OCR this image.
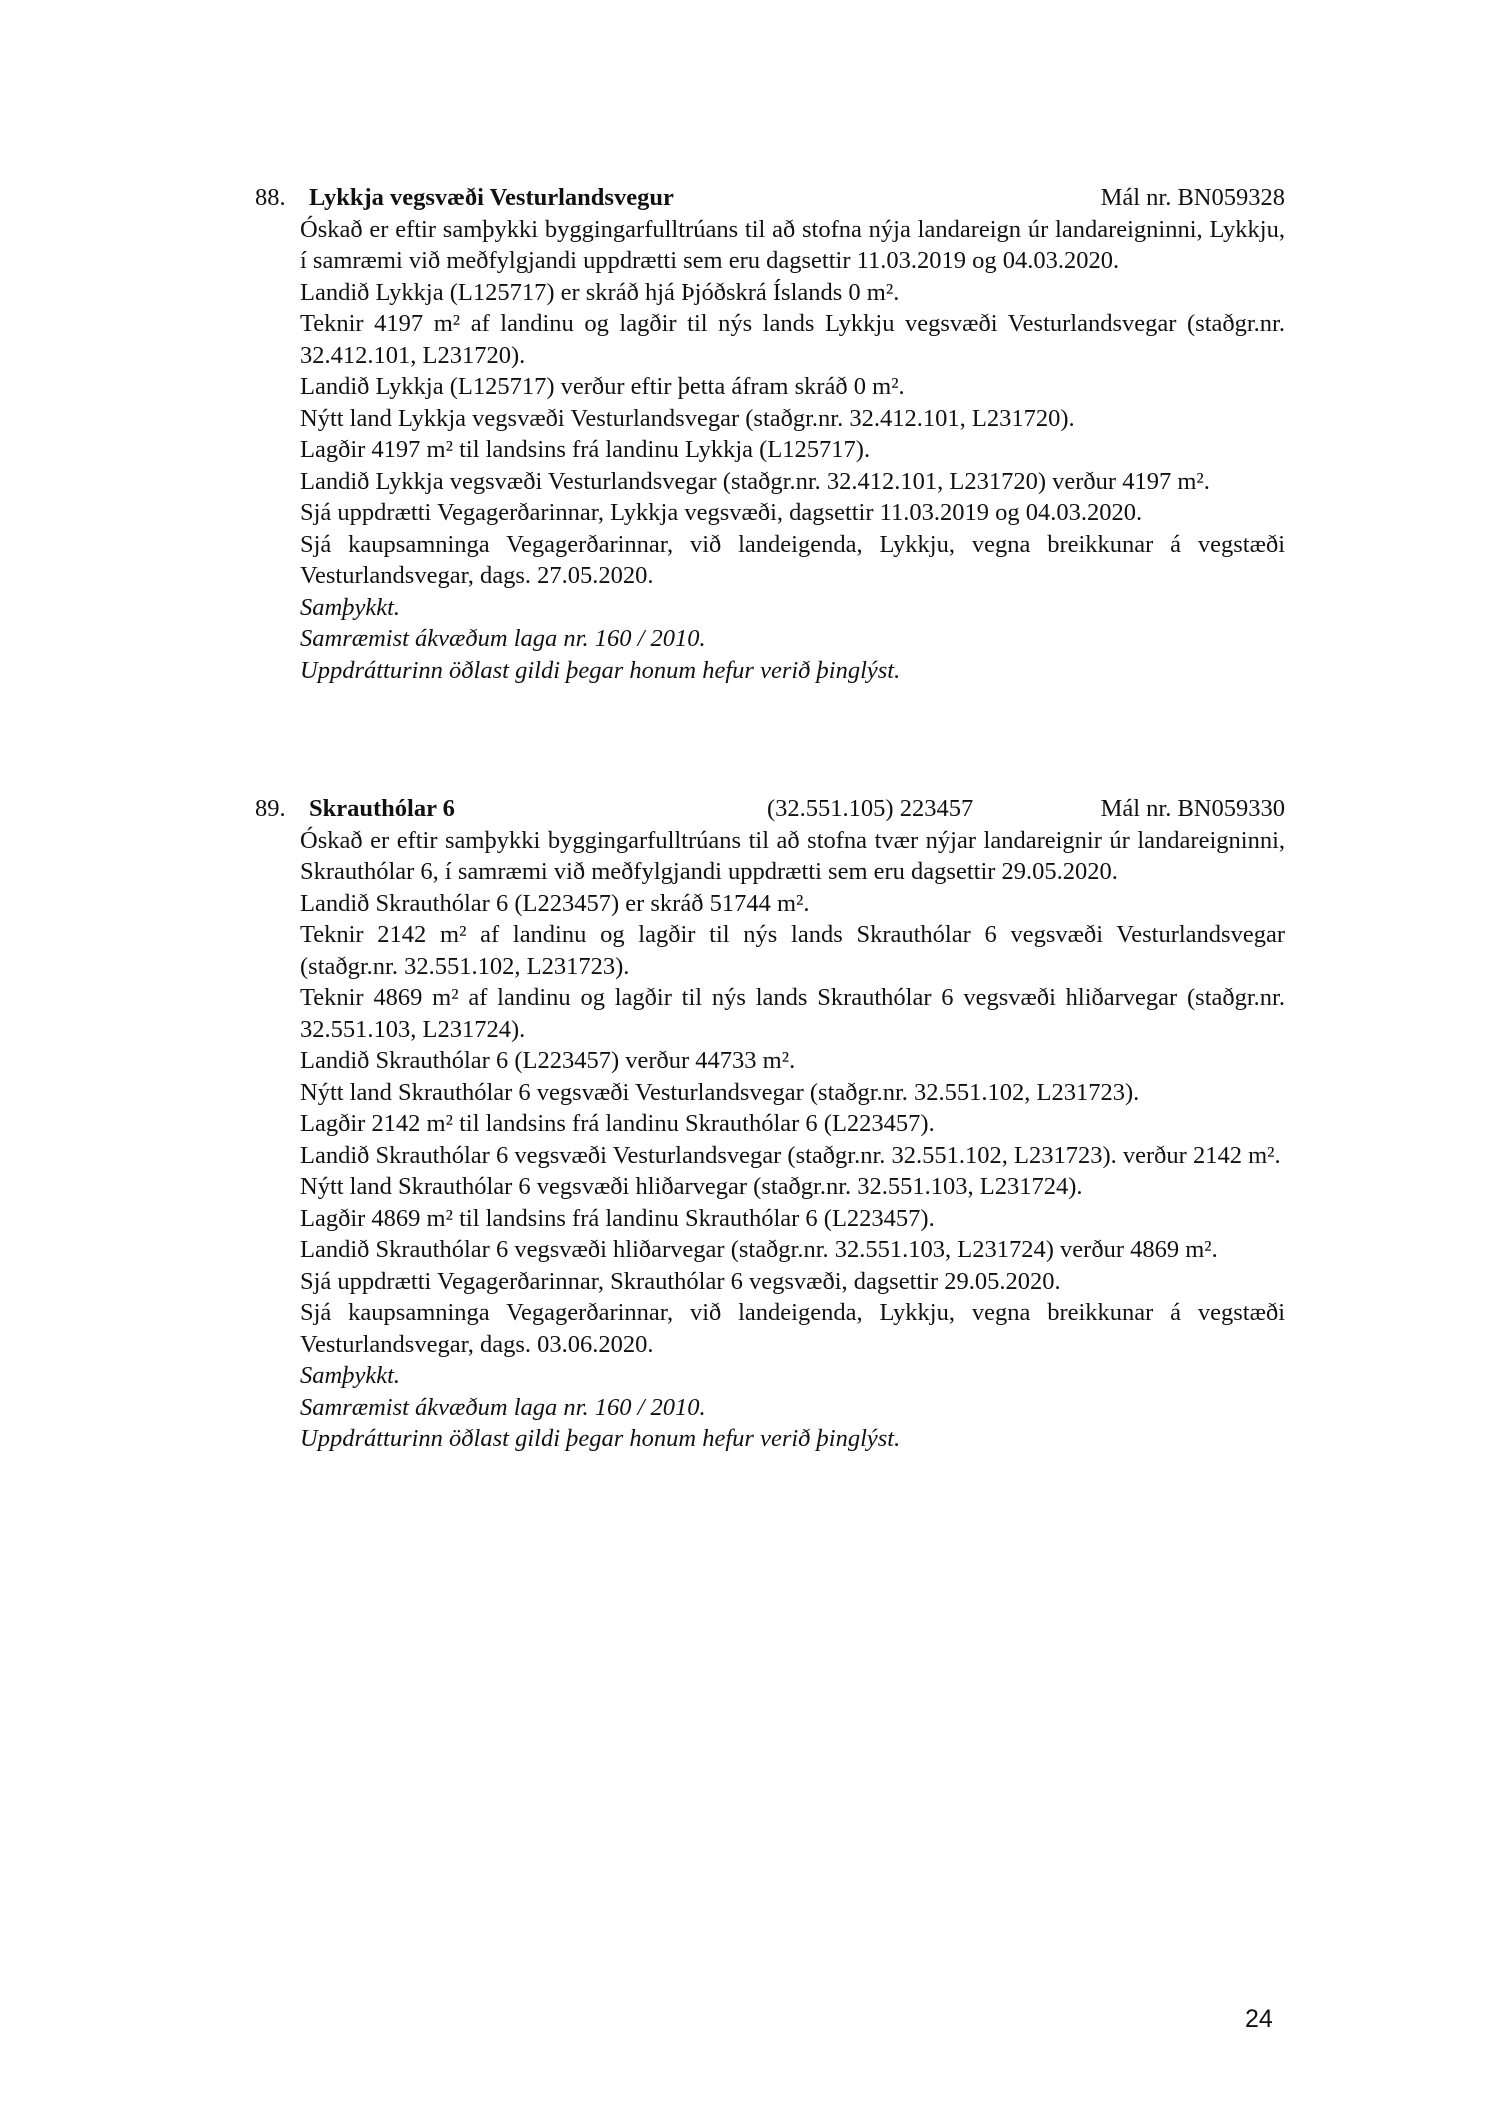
88. Lykkja vegsvæði Vesturlandsvegur	Mál nr. BN059328

Óskað er eftir samþykki byggingarfulltrúans til að stofna nýja landareign úr landareigninni, Lykkju, í samræmi við meðfylgjandi uppdrætti sem eru dagsettir 11.03.2019 og 04.03.2020.

Landið Lykkja (L125717) er skráð hjá Þjóðskrá Íslands 0 m².

Teknir 4197 m² af landinu og lagðir til nýs lands Lykkju vegsvæði Vesturlandsvegar (staðgr.nr. 32.412.101, L231720).

Landið Lykkja (L125717) verður eftir þetta áfram skráð 0 m².

Nýtt land Lykkja vegsvæði Vesturlandsvegar (staðgr.nr. 32.412.101, L231720).

Lagðir 4197 m² til landsins frá landinu Lykkja (L125717).

Landið Lykkja vegsvæði Vesturlandsvegar (staðgr.nr. 32.412.101, L231720) verður 4197 m².

Sjá uppdrætti Vegagerðarinnar, Lykkja vegsvæði, dagsettir 11.03.2019 og 04.03.2020.

Sjá kaupsamninga Vegagerðarinnar, við landeigenda, Lykkju, vegna breikkunar á vegstæði Vesturlandsvegar, dags. 27.05.2020.

Samþykkt.

Samræmist ákvæðum laga nr. 160 / 2010.

Uppdrátturinn öðlast gildi þegar honum hefur verið þinglýst.

89. Skrauthólar 6	(32.551.105) 223457	Mál nr. BN059330

Óskað er eftir samþykki byggingarfulltrúans til að stofna tvær nýjar landareignir úr landareigninni, Skrauthólar 6, í samræmi við meðfylgjandi uppdrætti sem eru dagsettir 29.05.2020.

Landið Skrauthólar 6 (L223457) er skráð 51744 m².

Teknir 2142 m² af landinu og lagðir til nýs lands Skrauthólar 6 vegsvæði Vesturlandsvegar (staðgr.nr. 32.551.102, L231723).

Teknir 4869 m² af landinu og lagðir til nýs lands Skrauthólar 6 vegsvæði hliðarvegar (staðgr.nr. 32.551.103, L231724).

Landið Skrauthólar 6 (L223457) verður 44733 m².

Nýtt land Skrauthólar 6 vegsvæði Vesturlandsvegar (staðgr.nr. 32.551.102, L231723).

Lagðir 2142 m² til landsins frá landinu Skrauthólar 6 (L223457).

Landið Skrauthólar 6 vegsvæði Vesturlandsvegar (staðgr.nr. 32.551.102, L231723). verður 2142 m².

Nýtt land Skrauthólar 6 vegsvæði hliðarvegar (staðgr.nr. 32.551.103, L231724).

Lagðir 4869 m² til landsins frá landinu Skrauthólar 6 (L223457).

Landið Skrauthólar 6 vegsvæði hliðarvegar (staðgr.nr. 32.551.103, L231724) verður 4869 m².

Sjá uppdrætti Vegagerðarinnar, Skrauthólar 6 vegsvæði, dagsettir 29.05.2020.

Sjá kaupsamninga Vegagerðarinnar, við landeigenda, Lykkju, vegna breikkunar á vegstæði Vesturlandsvegar, dags. 03.06.2020.

Samþykkt.

Samræmist ákvæðum laga nr. 160 / 2010.

Uppdrátturinn öðlast gildi þegar honum hefur verið þinglýst.

24
